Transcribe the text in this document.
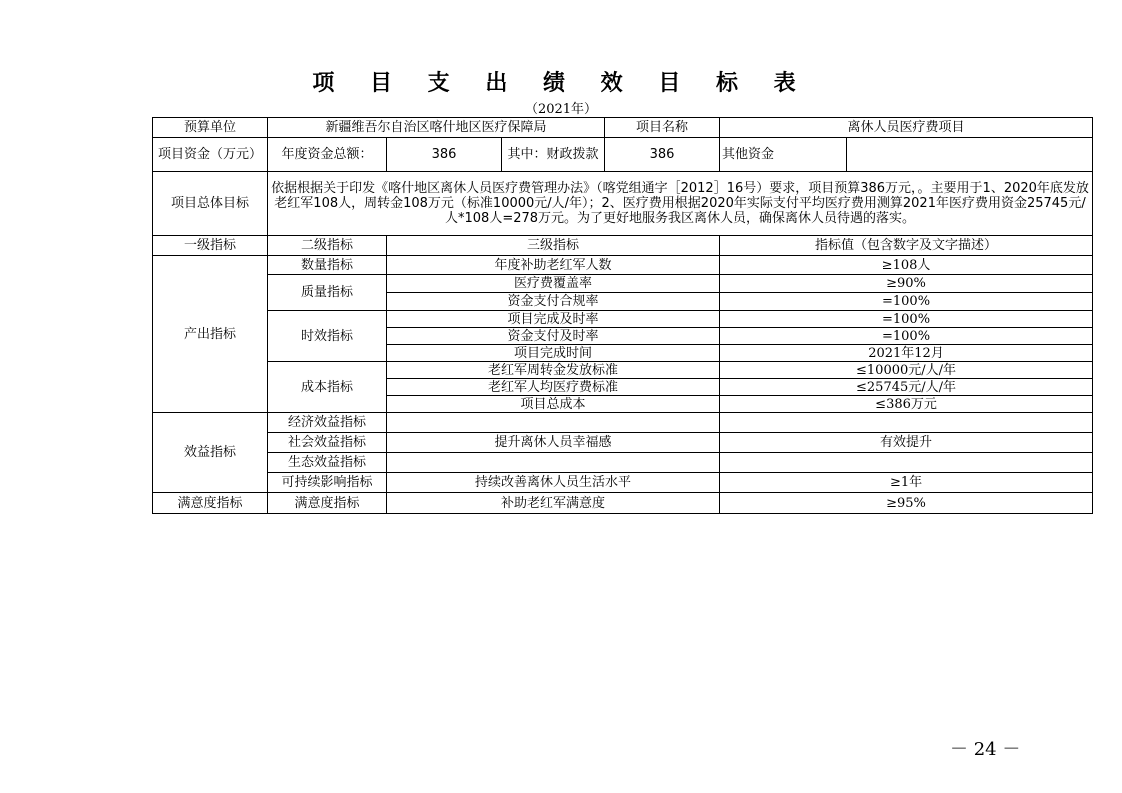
项 目 支 出 绩 效 目 标 表
（2021年）
预算单位	新疆维吾尔自治区喀什地区医疗保障局			项目名称	离休人员医疗费项目	
项目资金（万元）	年度资金总额：	386	其中：财政拨款	386	其他资金	
项目总体目标	依据根据关于印发《喀什地区离休人员医疗费管理办法》（喀党组通字［2012］16号）要求，项目预算386万元，。主要用于1、2020年底发放老红军108人，周转金108万元（标准10000元/人/年）；2、医疗费用根据2020年实际支付平均医疗费用测算2021年医疗费用资金25745元/人*108人=278万元。为了更好地服务我区离休人员，确保离休人员待遇的落实。					
一级指标	二级指标	三级指标			指标值（包含数字及文字描述）	
产出指标	数量指标	年度补助老红军人数			≥108人	
	质量指标	医疗费覆盖率			≥90%	
		资金支付合规率			=100%	
	时效指标	项目完成及时率			=100%	
		资金支付及时率			=100%	
		项目完成时间			2021年12月	
	成本指标	老红军周转金发放标准			≤10000元/人/年	
		老红军人均医疗费标准			≤25745元/人/年	
		项目总成本			≤386万元	
效益指标	经济效益指标					
	社会效益指标	提升离休人员幸福感			有效提升	
	生态效益指标					
	可持续影响指标	持续改善离休人员生活水平			≥1年	
满意度指标	满意度指标	补助老红军满意度			≥95%	
－ 24 －
